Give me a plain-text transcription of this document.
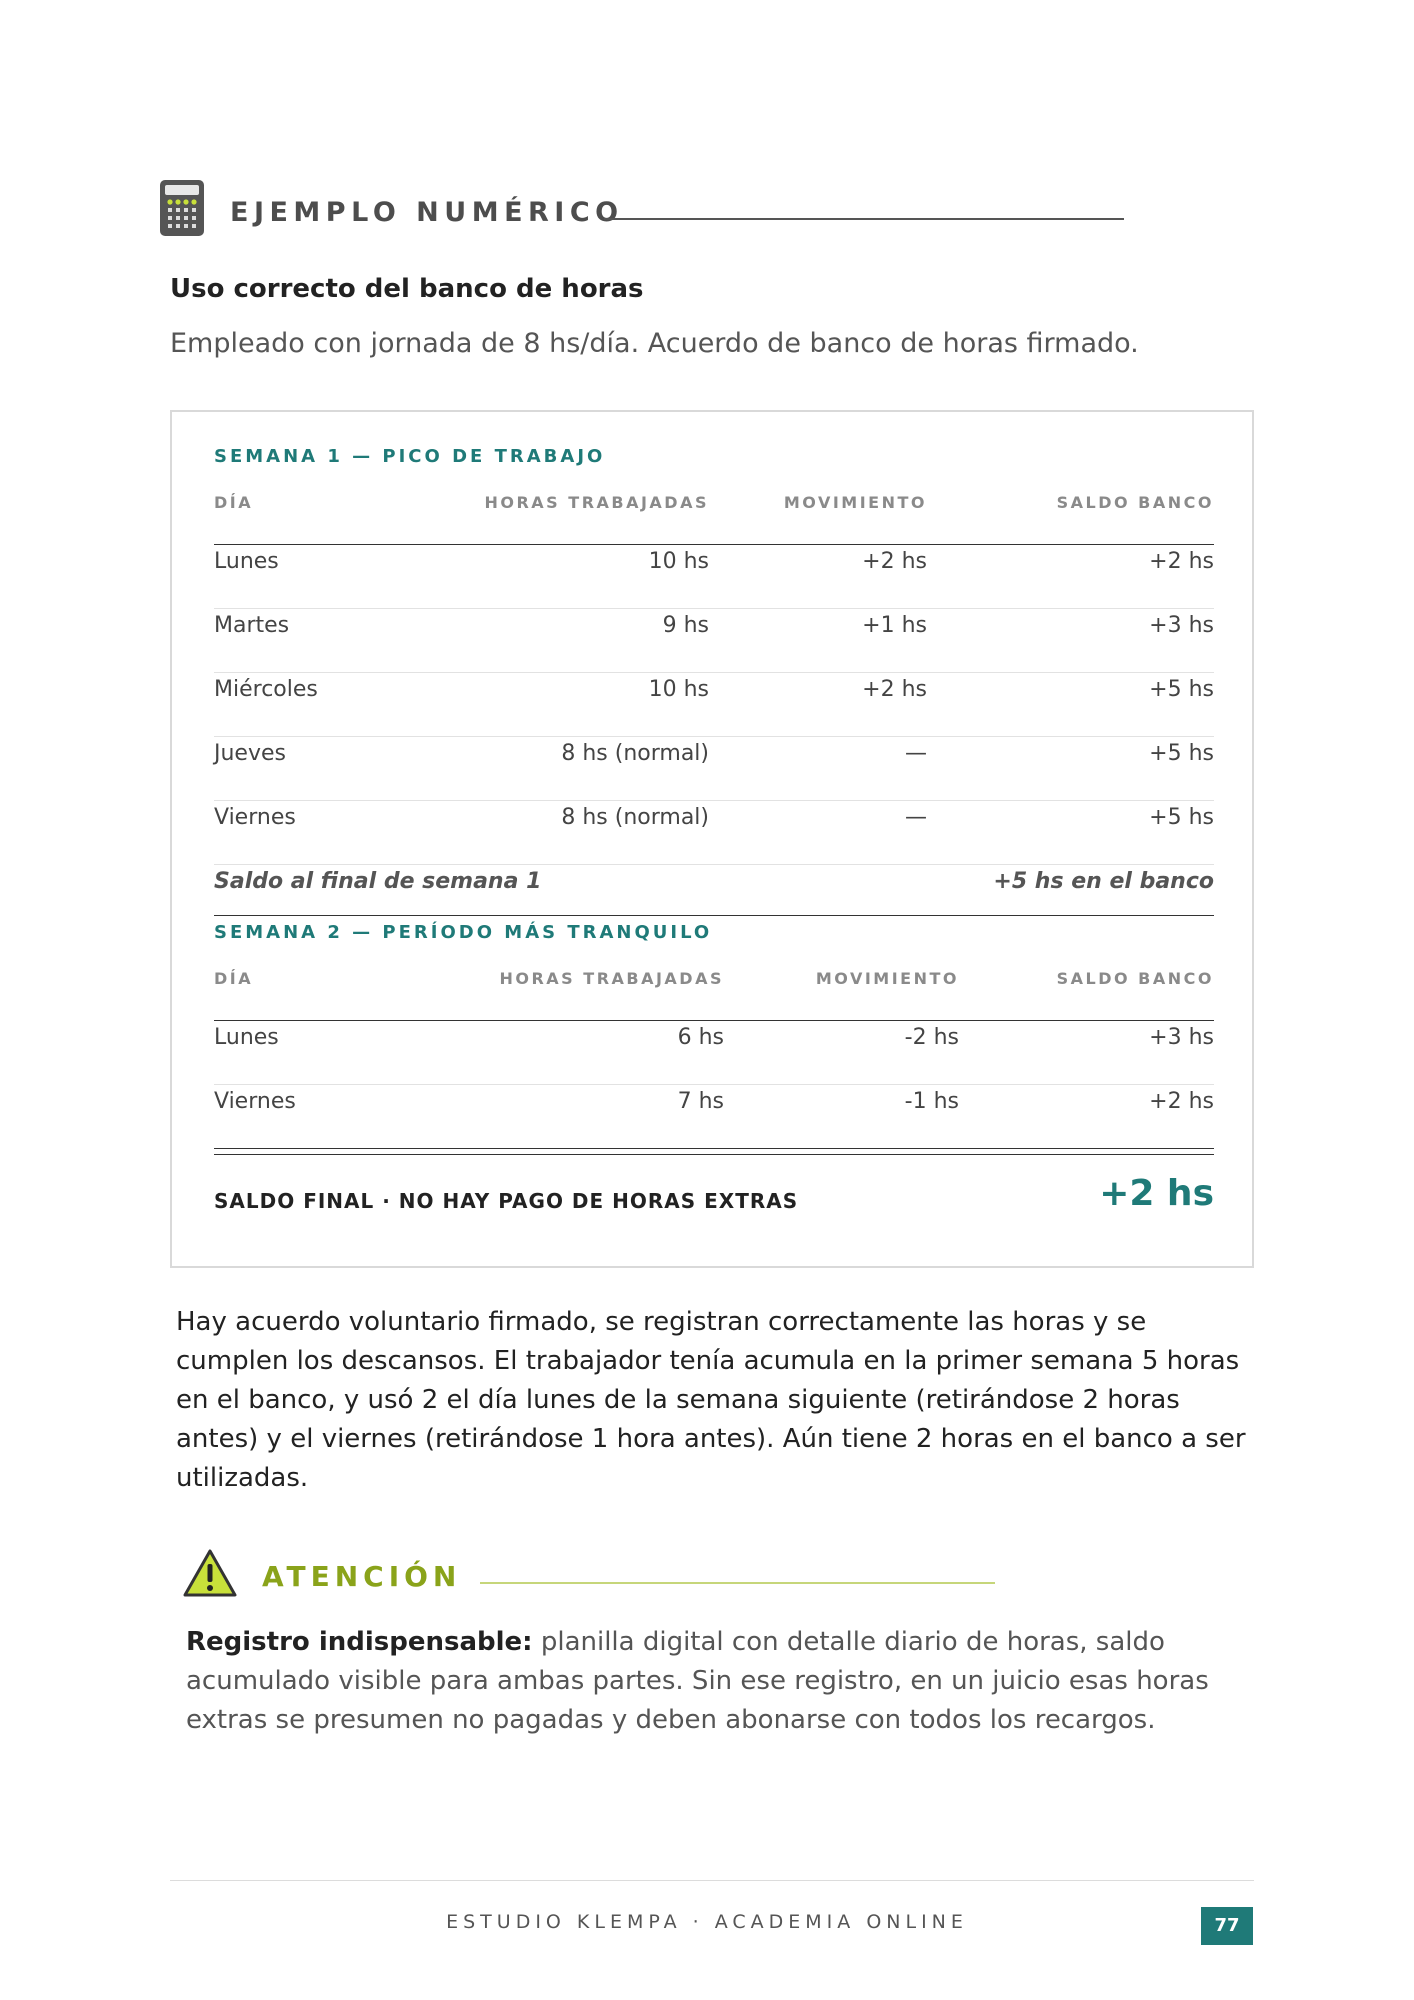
EJEMPLO NUMÉRICO
Uso correcto del banco de horas
Empleado con jornada de 8 hs/día. Acuerdo de banco de horas firmado.
SEMANA 1 — PICO DE TRABAJO
DÍA	HORAS TRABAJADAS	MOVIMIENTO	SALDO BANCO
Lunes	10 hs	+2 hs	+2 hs
Martes	9 hs	+1 hs	+3 hs
Miércoles	10 hs	+2 hs	+5 hs
Jueves	8 hs (normal)	—	+5 hs
Viernes	8 hs (normal)	—	+5 hs
Saldo al final de semana 1		+5 hs en el banco	
SEMANA 2 — PERÍODO MÁS TRANQUILO
DÍA	HORAS TRABAJADAS	MOVIMIENTO	SALDO BANCO
Lunes	6 hs	-2 hs	+3 hs
Viernes	7 hs	-1 hs	+2 hs
SALDO FINAL · NO HAY PAGO DE HORAS EXTRAS	+2 hs
Hay acuerdo voluntario firmado, se registran correctamente las horas y se cumplen los descansos. El trabajador tenía acumula en la primer semana 5 horas en el banco, y usó 2 el día lunes de la semana siguiente (retirándose 2 horas antes) y el viernes (retirándose 1 hora antes). Aún tiene 2 horas en el banco a ser utilizadas.
ATENCIÓN
Registro indispensable: planilla digital con detalle diario de horas, saldo acumulado visible para ambas partes. Sin ese registro, en un juicio esas horas extras se presumen no pagadas y deben abonarse con todos los recargos.
ESTUDIO KLEMPA · ACADEMIA ONLINE	77
